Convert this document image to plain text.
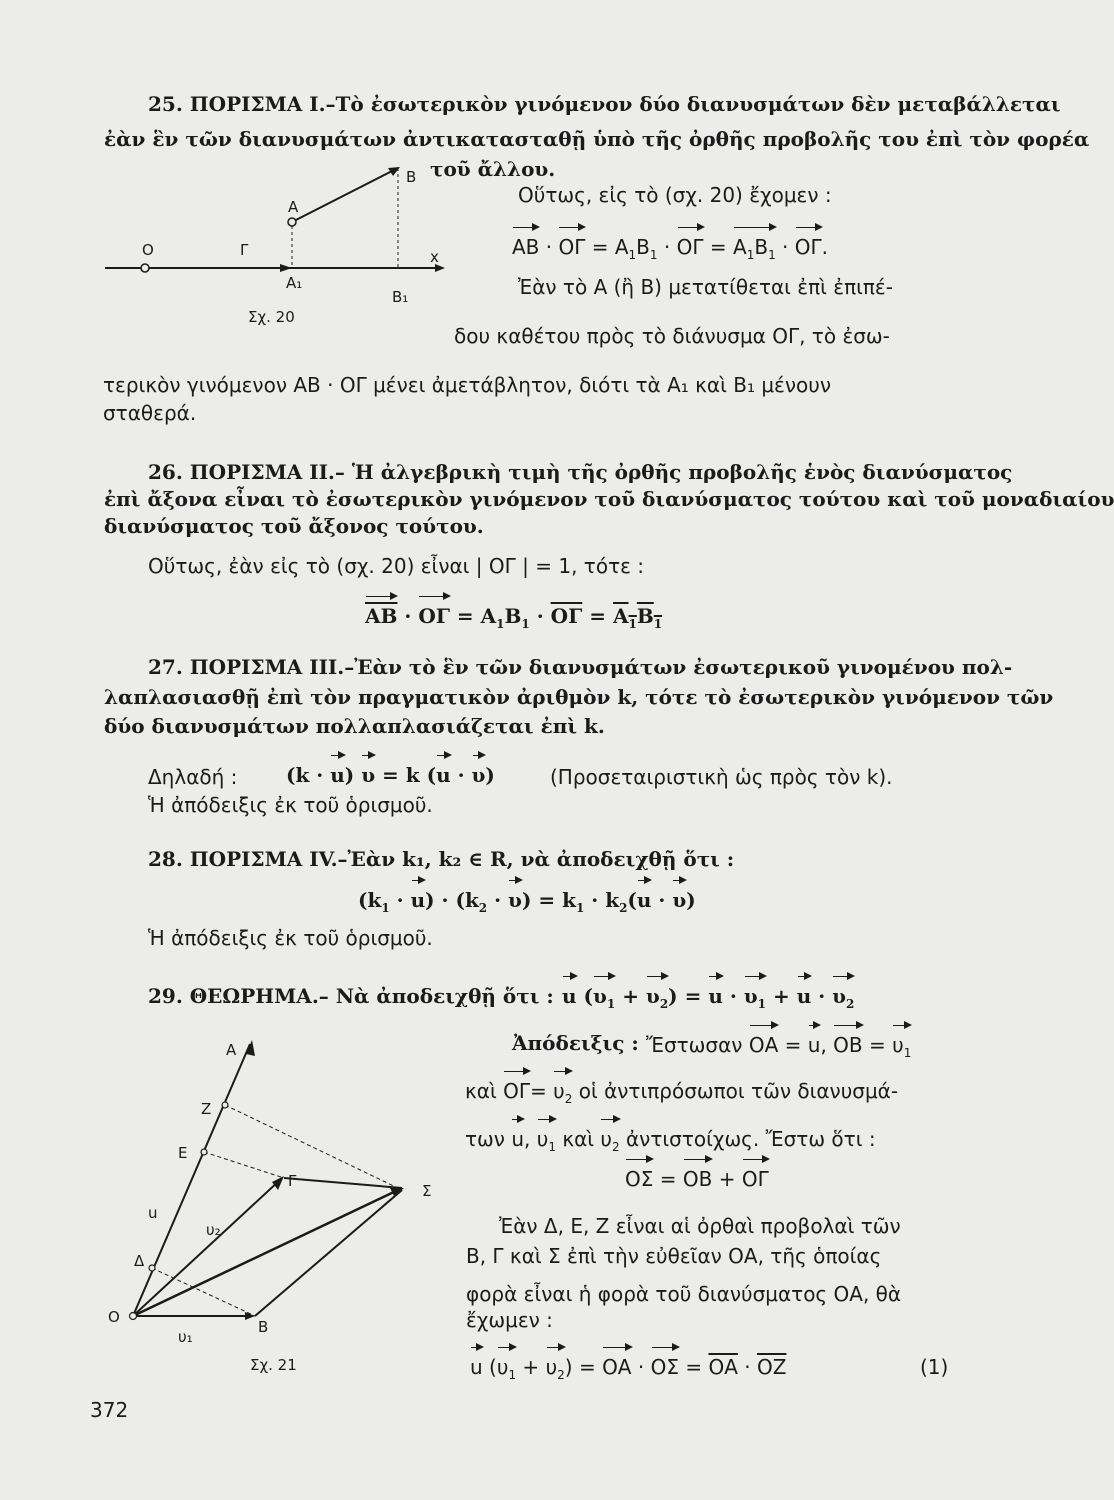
25. ΠΟΡΙΣΜΑ Ι.–Τὸ ἐσωτερικὸν γινόμενον δύο διανυσμάτων δὲν μεταβάλλεται
ἐὰν ἓν τῶν διανυσμάτων ἀντικατασταθῇ ὑπὸ τῆς ὀρθῆς προβολῆς του ἐπὶ τὸν φορέα
τοῦ ἄλλου.
Οὕτως, εἰς τὸ (σχ. 20) ἔχομεν :
AB · $O\Gamma = A_1B_1 \cdot O\Gamma = A_1B_1 \cdot O\Gamma$.
Ἐὰν τὸ Α (ἢ Β) μετατίθεται ἐπὶ ἐπιπέ-
δου καθέτου πρὸς τὸ διάνυσμα ΟΓ, τὸ ἐσω-
τερικὸν γινόμενον ΑΒ · ΟΓ μένει ἀμετάβλητον, διότι τὰ Α₁ καὶ Β₁ μένουν
σταθερά.
O	Γ
A
B
x
A₁
B₁
Σχ. 20
26. ΠΟΡΙΣΜΑ ΙΙ.– Ἡ ἀλγεβρικὴ τιμὴ τῆς ὀρθῆς προβολῆς ἑνὸς διανύσματος
ἐπὶ ἄξονα εἶναι τὸ ἐσωτερικὸν γινόμενον τοῦ διανύσματος τούτου καὶ τοῦ μοναδιαίου
διανύσματος τοῦ ἄξονος τούτου.
Οὕτως, ἐὰν εἰς τὸ (σχ. 20) εἶναι | ΟΓ | = 1, τότε :
$\overline{AB} \cdot O\Gamma = A_1B_1 \cdot \overline{O\Gamma} = A_1B_1$
27. ΠΟΡΙΣΜΑ ΙΙΙ.–Ἐὰν τὸ ἓν τῶν διανυσμάτων ἐσωτερικοῦ γινομένου πολ-
λαπλασιασθῇ ἐπὶ τὸν πραγματικὸν ἀριθμὸν k, τότε τὸ ἐσωτερικὸν γινόμενον τῶν
δύο διανυσμάτων πολλαπλασιάζεται ἐπὶ k.
Δηλαδή : (k · u) υ = k (u · υ)	(Προσεταιριστικὴ ὡς πρὸς τὸν k).
Ἡ ἀπόδειξις ἐκ τοῦ ὁρισμοῦ.
28. ΠΟΡΙΣΜΑ ΙV.–Ἐὰν k₁, k₂ ∈ R, νὰ ἀποδειχθῇ ὅτι :
$(k_1 \cdot u) \cdot (k_2 \cdot \upsilon) = k_1 \cdot k_2(u \cdot \upsilon)$
Ἡ ἀπόδειξις ἐκ τοῦ ὁρισμοῦ.
29. ΘΕΩΡΗΜΑ.– Νὰ ἀποδειχθῇ ὅτι : u $(\upsilon_1 + \upsilon_2) = u \cdot \upsilon_1 + u \cdot \upsilon_2$
Ἀπόδειξις : Ἔστωσαν ΟΑ = u, $OB = \upsilon_1$
καὶ $O\Gamma= \upsilon_2$ οἱ ἀντιπρόσωποι τῶν διανυσμά-
των u, $\upsilon_1$ καὶ $\upsilon_2$ ἀντιστοίχως. Ἔστω ὅτι :
ΟΣ = ΟΒ + ΟΓ
Ἐὰν Δ, Ε, Ζ εἶναι αἱ ὀρθαὶ προβολαὶ τῶν
Β, Γ καὶ Σ ἐπὶ τὴν εὐθεῖαν ΟΑ, τῆς ὁποίας
φορὰ εἶναι ἡ φορὰ τοῦ διανύσματος ΟΑ, θὰ
ἔχωμεν :
u $(\upsilon_1 + \upsilon_2) = OA \cdot O\Sigma = \overline{OA} \cdot \overline{OZ}$	(1)
A
Z
E
Γ
Σ
u
υ₂
Δ
O
υ₁
B
Σχ. 21
372
